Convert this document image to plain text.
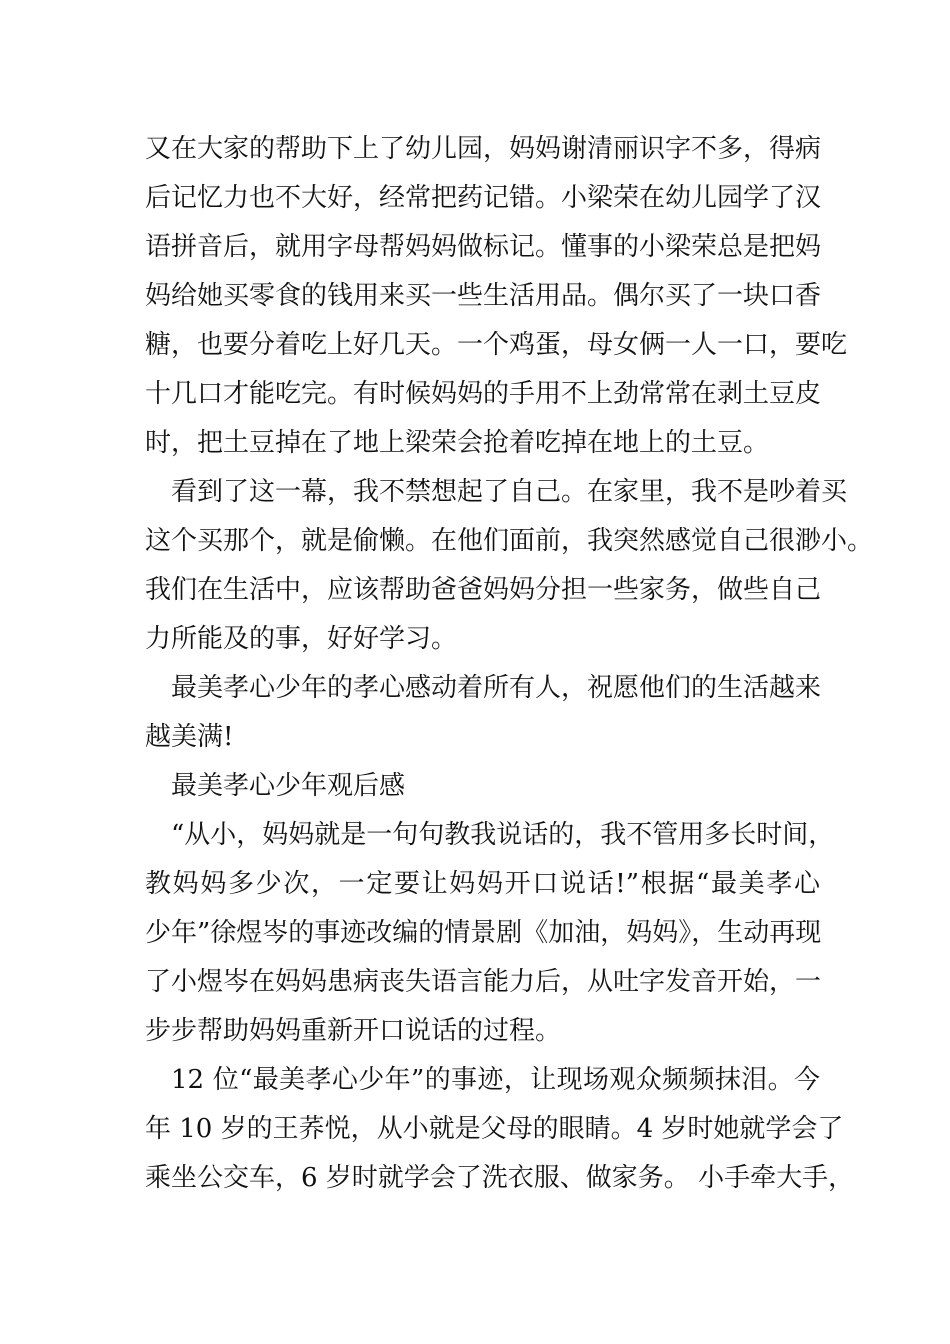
又在大家的帮助下上了幼儿园，妈妈谢清丽识字不多，得病
后记忆力也不大好，经常把药记错。小梁荣在幼儿园学了汉
语拼音后，就用字母帮妈妈做标记。懂事的小梁荣总是把妈
妈给她买零食的钱用来买一些生活用品。偶尔买了一块口香
糖，也要分着吃上好几天。一个鸡蛋，母女俩一人一口，要吃
十几口才能吃完。有时候妈妈的手用不上劲常常在剥土豆皮
时，把土豆掉在了地上梁荣会抢着吃掉在地上的土豆。
看到了这一幕，我不禁想起了自己。在家里，我不是吵着买
这个买那个，就是偷懒。在他们面前，我突然感觉自己很渺小。
我们在生活中，应该帮助爸爸妈妈分担一些家务，做些自己
力所能及的事，好好学习。
最美孝心少年的孝心感动着所有人，祝愿他们的生活越来
越美满!
最美孝心少年观后感
“从小，妈妈就是一句句教我说话的，我不管用多长时间，
教妈妈多少次，一定要让妈妈开口说话!”根据“最美孝心
少年”徐煜岑的事迹改编的情景剧《加油，妈妈》，生动再现
了小煜岑在妈妈患病丧失语言能力后，从吐字发音开始，一
步步帮助妈妈重新开口说话的过程。
12 位“最美孝心少年”的事迹，让现场观众频频抹泪。今
年 10 岁的王荞悦，从小就是父母的眼睛。4 岁时她就学会了
乘坐公交车，6 岁时就学会了洗衣服、做家务。 小手牵大手，
